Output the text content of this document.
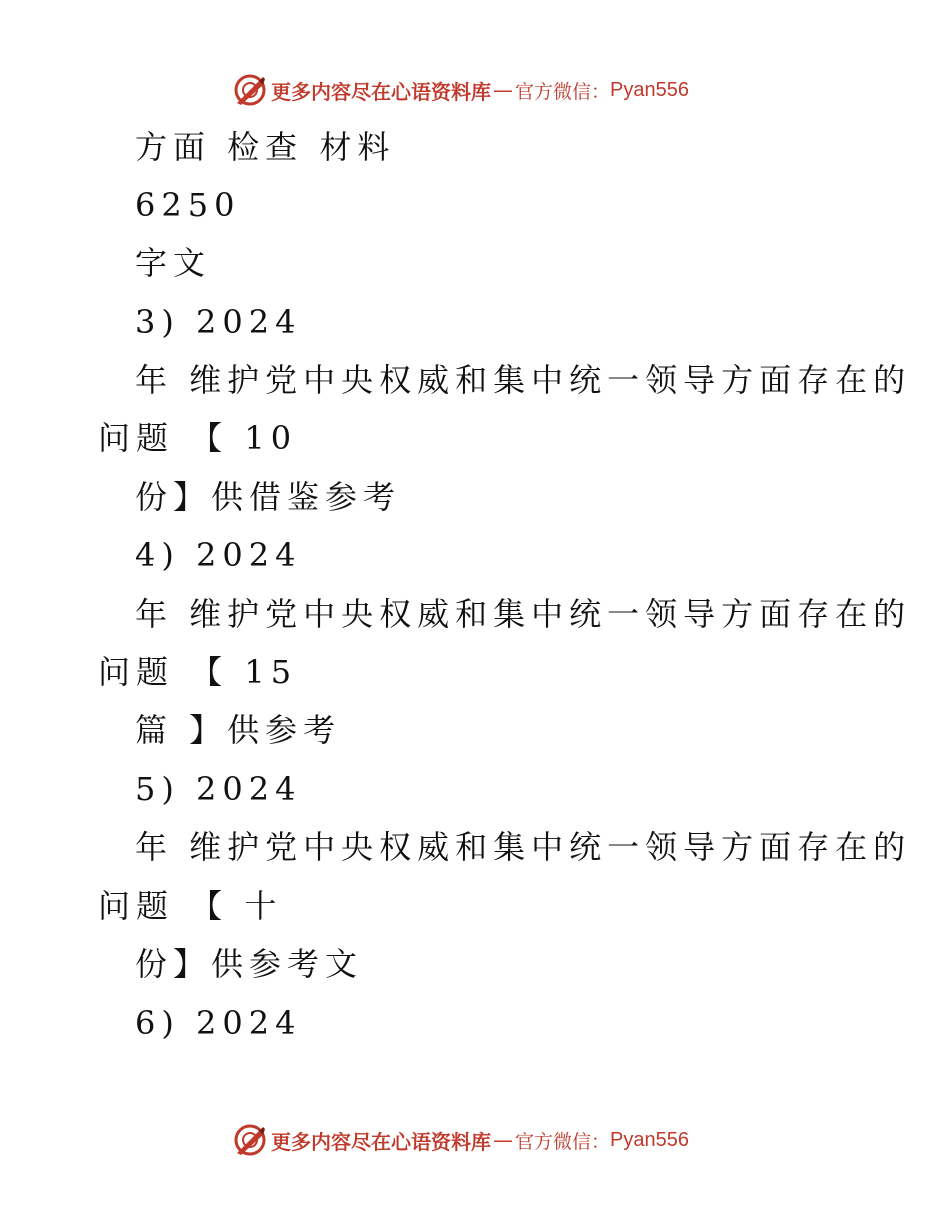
更多内容尽在心语资料库 — 官方微信： Pyan556
方面 检查 材料
6250
字文
3) 2024
年 维护党中央权威和集中统一领导方面存在的
问题 【 10
份】供借鉴参考
4) 2024
年 维护党中央权威和集中统一领导方面存在的
问题 【 15
篇 】供参考
5) 2024
年 维护党中央权威和集中统一领导方面存在的
问题 【 十
份】供参考文
6) 2024
更多内容尽在心语资料库 — 官方微信： Pyan556
